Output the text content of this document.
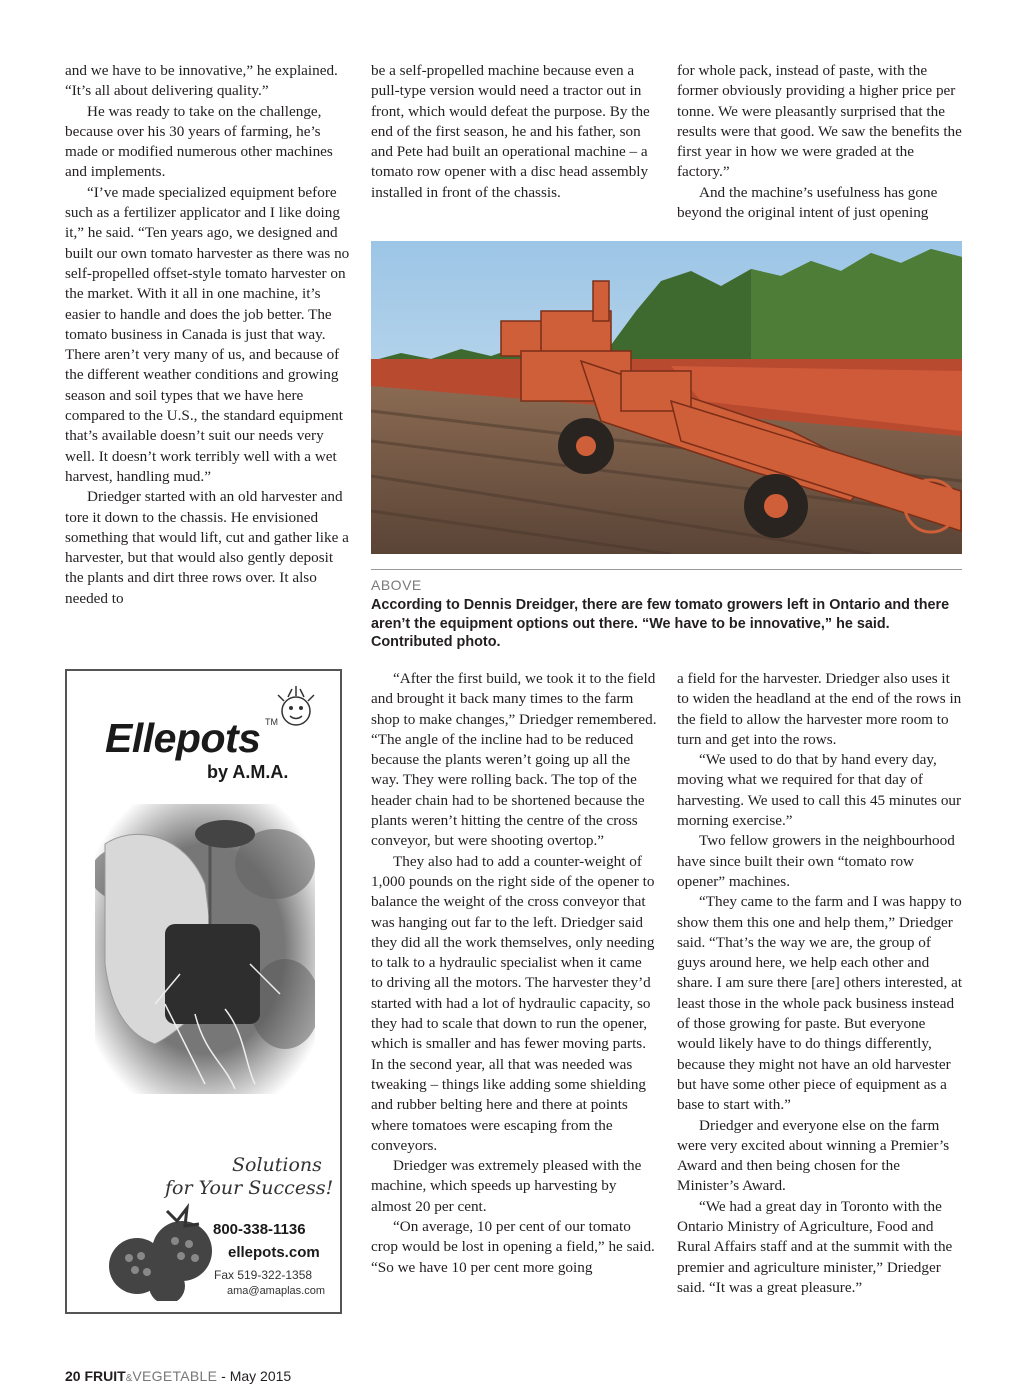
and we have to be innovative,” he explained. “It’s all about delivering quality.”

He was ready to take on the challenge, because over his 30 years of farming, he’s made or modified numerous other machines and implements.

“I’ve made specialized equipment before such as a fertilizer applicator and I like doing it,” he said. “Ten years ago, we designed and built our own tomato harvester as there was no self-propelled offset-style tomato harvester on the market. With it all in one machine, it’s easier to handle and does the job better. The tomato business in Canada is just that way. There aren’t very many of us, and because of the different weather conditions and growing season and soil types that we have here compared to the U.S., the standard equipment that’s available doesn’t suit our needs very well. It doesn’t work terribly well with a wet harvest, handling mud.”

Driedger started with an old harvester and tore it down to the chassis. He envisioned something that would lift, cut and gather like a harvester, but that would also gently deposit the plants and dirt three rows over. It also needed to

be a self-propelled machine because even a pull-type version would need a tractor out in front, which would defeat the purpose. By the end of the first season, he and his father, son and Pete had built an operational machine – a tomato row opener with a disc head assembly installed in front of the chassis.

for whole pack, instead of paste, with the former obviously providing a higher price per tonne. We were pleasantly surprised that the results were that good. We saw the benefits the first year in how we were graded at the factory.”

And the machine’s usefulness has gone beyond the original intent of just opening

ABOVE
According to Dennis Dreidger, there are few tomato growers left in Ontario and there aren’t the equipment options out there. “We have to be innovative,” he said. Contributed photo.

“After the first build, we took it to the field and brought it back many times to the farm shop to make changes,” Driedger remembered. “The angle of the incline had to be reduced because the plants weren’t going up all the way. They were rolling back. The top of the header chain had to be shortened because the plants weren’t hitting the centre of the cross conveyor, but were shooting overtop.”

They also had to add a counter-weight of 1,000 pounds on the right side of the opener to balance the weight of the cross conveyor that was hanging out far to the left. Driedger said they did all the work themselves, only needing to talk to a hydraulic specialist when it came to driving all the motors. The harvester they’d started with had a lot of hydraulic capacity, so they had to scale that down to run the opener, which is smaller and has fewer moving parts. In the second year, all that was needed was tweaking – things like adding some shielding and rubber belting here and there at points where tomatoes were escaping from the conveyors.

Driedger was extremely pleased with the machine, which speeds up harvesting by almost 20 per cent.

“On average, 10 per cent of our tomato crop would be lost in opening a field,” he said. “So we have 10 per cent more going

a field for the harvester. Driedger also uses it to widen the headland at the end of the rows in the field to allow the harvester more room to turn and get into the rows.

“We used to do that by hand every day, moving what we required for that day of harvesting. We used to call this 45 minutes our morning exercise.”

Two fellow growers in the neighbourhood have since built their own “tomato row opener” machines.

“They came to the farm and I was happy to show them this one and help them,” Driedger said. “That’s the way we are, the group of guys around here, we help each other and share. I am sure there [are] others interested, at least those in the whole pack business instead of those growing for paste. But everyone would likely have to do things differently, because they might not have an old harvester but have some other piece of equipment as a base to start with.”

Driedger and everyone else on the farm were very excited about winning a Premier’s Award and then being chosen for the Minister’s Award.

“We had a great day in Toronto with the Ontario Ministry of Agriculture, Food and Rural Affairs staff and at the summit with the premier and agriculture minister,” Driedger said. “It was a great pleasure.”

Ellepots TM
by A.M.A.
Solutions
for Your Success!
800-338-1136
ellepots.com
Fax 519-322-1358
ama@amaplas.com
20 FRUIT&VEGETABLE - May 2015
